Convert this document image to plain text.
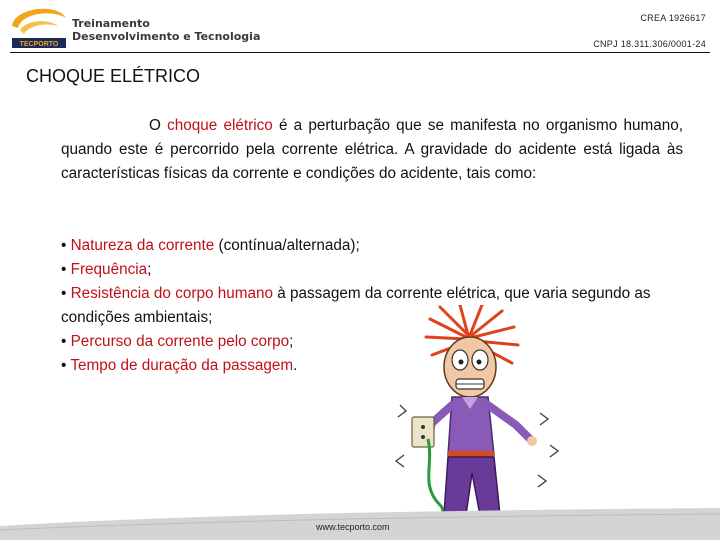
TECPORTO
Treinamento
Desenvolvimento e Tecnologia
CREA 1926617
CNPJ 18.311.306/0001-24
CHOQUE ELÉTRICO
O choque elétrico é a perturbação que se manifesta no organismo humano, quando este é percorrido pela corrente elétrica. A gravidade do acidente está ligada às características físicas da corrente e condições do acidente, tais como:
• Natureza da corrente (contínua/alternada);
• Frequência;
• Resistência do corpo humano à passagem da corrente elétrica, que varia segundo as condições ambientais;
• Percurso da corrente pelo corpo;
• Tempo de duração da passagem.
www.tecporto.com
